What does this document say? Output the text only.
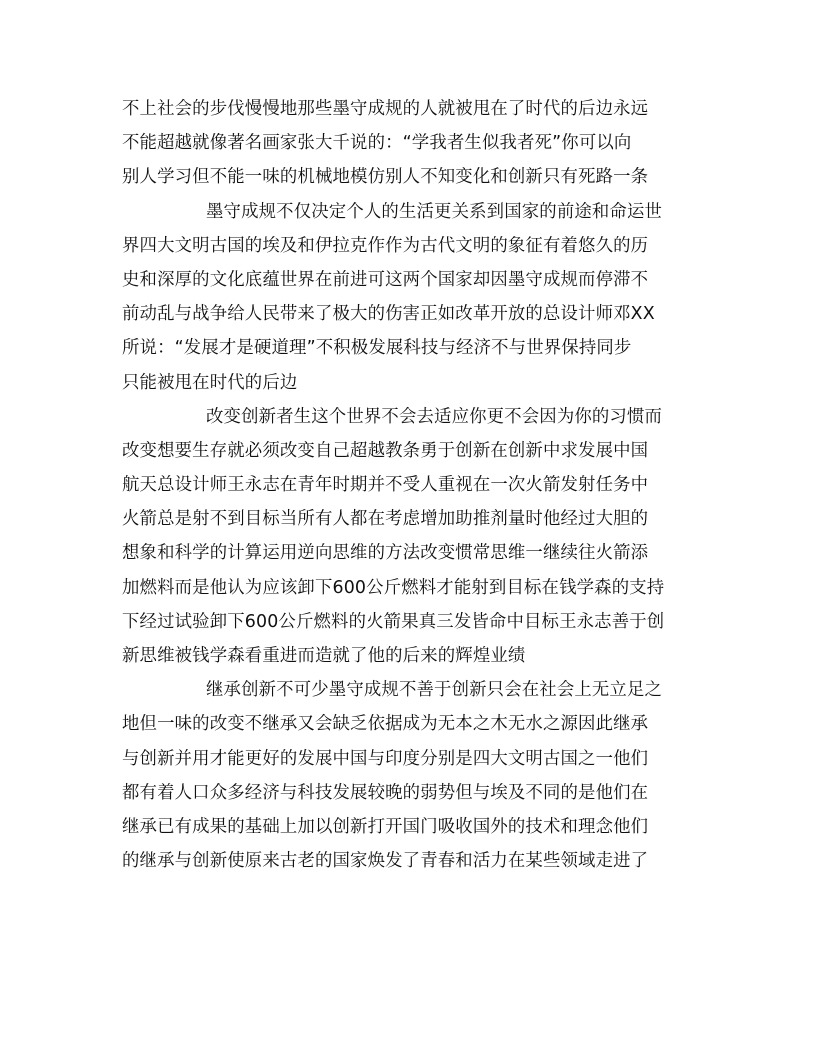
不上社会的步伐慢慢地那些墨守成规的人就被甩在了时代的后边永远
不能超越就像著名画家张大千说的：“学我者生似我者死”你可以向
别人学习但不能一味的机械地模仿别人不知变化和创新只有死路一条
墨守成规不仅决定个人的生活更关系到国家的前途和命运世
界四大文明古国的埃及和伊拉克作作为古代文明的象征有着悠久的历
史和深厚的文化底蕴世界在前进可这两个国家却因墨守成规而停滞不
前动乱与战争给人民带来了极大的伤害正如改革开放的总设计师邓XX
所说：“发展才是硬道理”不积极发展科技与经济不与世界保持同步
只能被甩在时代的后边
改变创新者生这个世界不会去适应你更不会因为你的习惯而
改变想要生存就必须改变自己超越教条勇于创新在创新中求发展中国
航天总设计师王永志在青年时期并不受人重视在一次火箭发射任务中
火箭总是射不到目标当所有人都在考虑增加助推剂量时他经过大胆的
想象和科学的计算运用逆向思维的方法改变惯常思维一继续往火箭添
加燃料而是他认为应该卸下600公斤燃料才能射到目标在钱学森的支持
下经过试验卸下600公斤燃料的火箭果真三发皆命中目标王永志善于创
新思维被钱学森看重进而造就了他的后来的辉煌业绩
继承创新不可少墨守成规不善于创新只会在社会上无立足之
地但一味的改变不继承又会缺乏依据成为无本之木无水之源因此继承
与创新并用才能更好的发展中国与印度分别是四大文明古国之一他们
都有着人口众多经济与科技发展较晚的弱势但与埃及不同的是他们在
继承已有成果的基础上加以创新打开国门吸收国外的技术和理念他们
的继承与创新使原来古老的国家焕发了青春和活力在某些领域走进了
